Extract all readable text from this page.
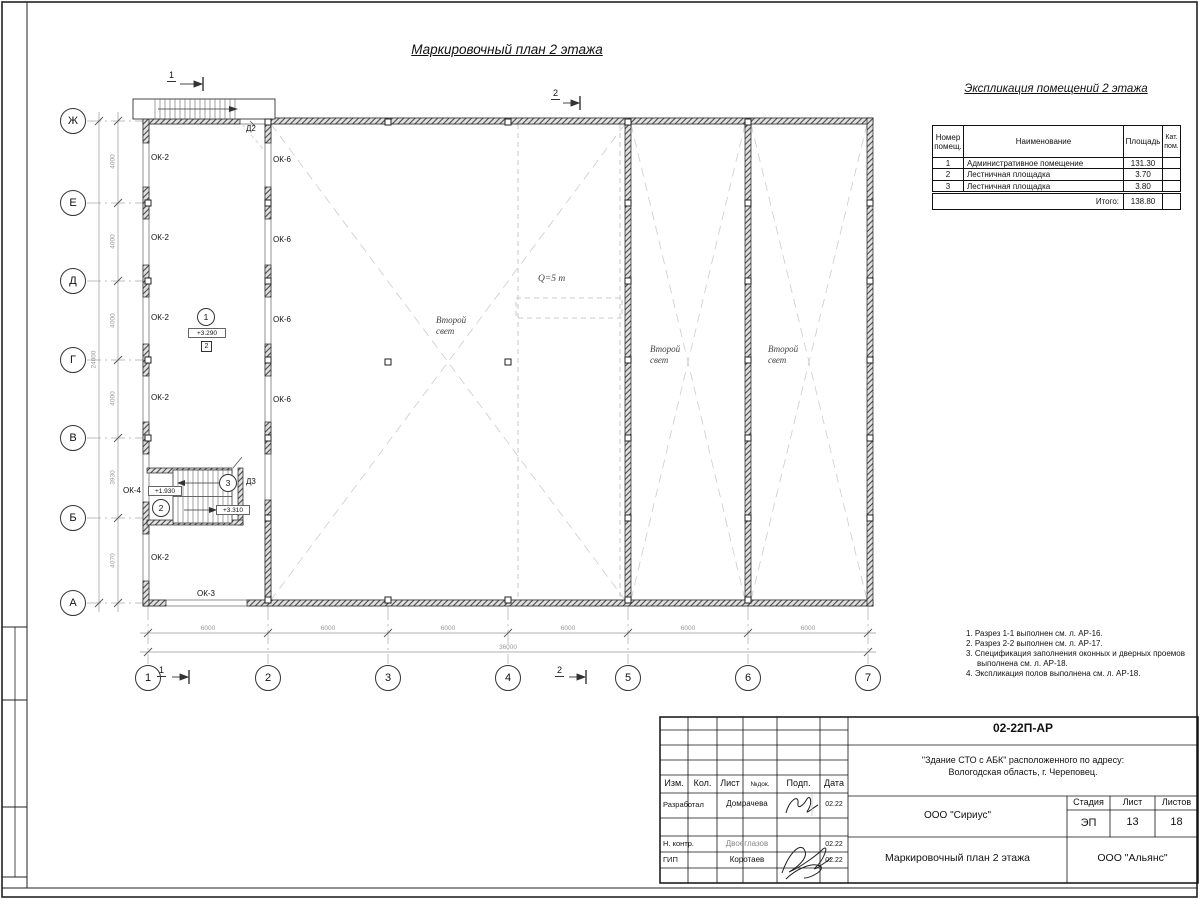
Маркировочный план 2 этажа
Экспликация помещений 2 этажа
Номер помещ.	Наименование	Площадь	Кат. пом.
1	Административное помещение	131.30	
2	Лестничная площадка	3.70	
3	Лестничная площадка	3.80	
Итого:		138.80	
Ж
Е
Д
Г
В
Б
А
1	2	3	4	5	6	7
4000
4000
4000
4000
3930
4070
24000
6000	6000	6000	6000	6000	6000
36000
ОК-2
ОК-2
ОК-2
ОК-2
ОК-2
ОК-6
ОК-6
ОК-6
ОК-6
ОК-4
ОК-3
Д2
Д3
1
+3.290
2
+1.930
+3.310
2
3
Второй
свет
Второй
свет
Второй
свет
Q=5 т
1
2
1	2
1. Разрез 1-1 выполнен см. л. АР-16.
2. Разрез 2-2 выполнен см. л. АР-17.
3. Спецификация заполнения оконных и дверных проемов выполнена см. л. АР-18.
4. Экспликация полов выполнена см. л. АР-18.
02-22П-АР
"Здание СТО с АБК" расположенного по адресу:
Вологодская область, г. Череповец.
Изм.	Кол. Лист	№док.	Подп.	Дата
Разработал	Домрачева	02.22
Н. контр.	Двоеглазов	02.22
ГИП	Коротаев	02.22
ООО "Сириус"
Стадия	Лист	Листов
ЭП	13	18
Маркировочный план 2 этажа	ООО "Альянс"
